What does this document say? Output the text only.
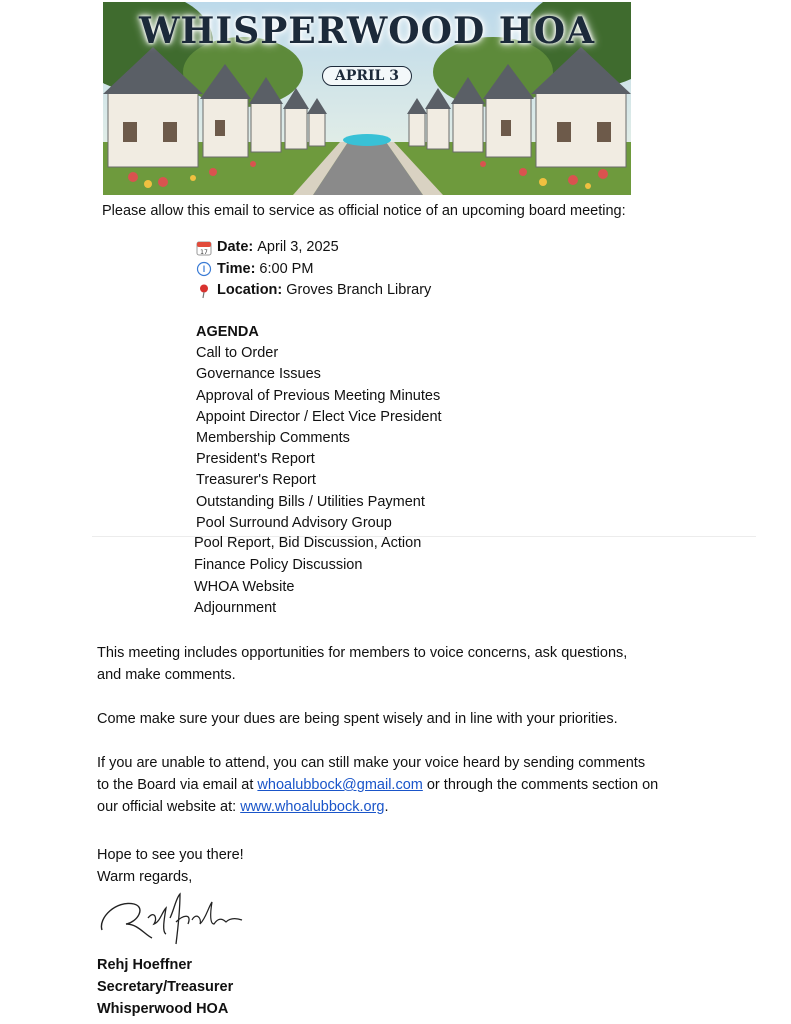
WHISPERWOOD HOA
APRIL 3
Please allow this email to service as official notice of an upcoming board meeting:
17 Date: April 3, 2025
Time: 6:00 PM
Location: Groves Branch Library
AGENDA
Call to Order
Governance Issues
Approval of Previous Meeting Minutes
Appoint Director / Elect Vice President
Membership Comments
President's Report
Treasurer's Report
Outstanding Bills / Utilities Payment
Pool Surround Advisory Group
Pool Report, Bid Discussion, Action
Finance Policy Discussion
WHOA Website
Adjournment
This meeting includes opportunities for members to voice concerns, ask questions,
and make comments.
Come make sure your dues are being spent wisely and in line with your priorities.
If you are unable to attend, you can still make your voice heard by sending comments
to the Board via email at whoalubbock@gmail.com or through the comments section on
our official website at: www.whoalubbock.org.
Hope to see you there!
Warm regards,
Rehj Hoeffner
Secretary/Treasurer
Whisperwood HOA
